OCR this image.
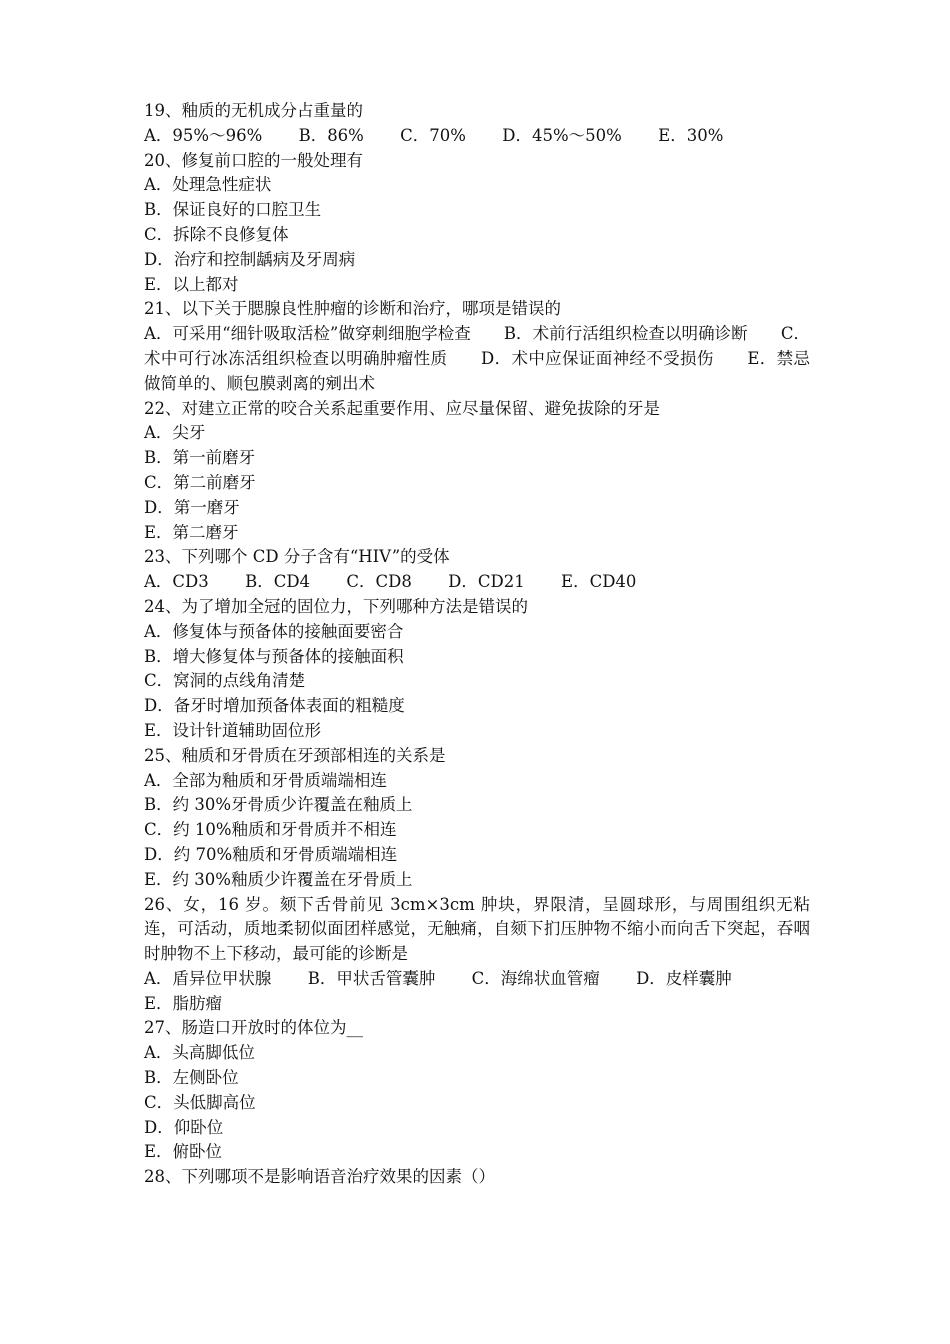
19、釉质的无机成分占重量的
A．95%～96% B．86% C．70% D．45%～50% E．30%
20、修复前口腔的一般处理有
A．处理急性症状
B．保证良好的口腔卫生
C．拆除不良修复体
D．治疗和控制龋病及牙周病
E．以上都对
21、以下关于腮腺良性肿瘤的诊断和治疗，哪项是错误的
A．可采用“细针吸取活检”做穿刺细胞学检查　　B．术前行活组织检查以明确诊断　　C．术中可行冰冻活组织检查以明确肿瘤性质　　D．术中应保证面神经不受损伤　　E．禁忌做简单的、顺包膜剥离的剜出术
22、对建立正常的咬合关系起重要作用、应尽量保留、避免拔除的牙是
A．尖牙
B．第一前磨牙
C．第二前磨牙
D．第一磨牙
E．第二磨牙
23、下列哪个 CD 分子含有“HIV”的受体
A．CD3 B．CD4 C．CD8 D．CD21 E．CD40
24、为了增加全冠的固位力，下列哪种方法是错误的
A．修复体与预备体的接触面要密合
B．增大修复体与预备体的接触面积
C．窝洞的点线角清楚
D．备牙时增加预备体表面的粗糙度
E．设计针道辅助固位形
25、釉质和牙骨质在牙颈部相连的关系是
A．全部为釉质和牙骨质端端相连
B．约 30%牙骨质少许覆盖在釉质上
C．约 10%釉质和牙骨质并不相连
D．约 70%釉质和牙骨质端端相连
E．约 30%釉质少许覆盖在牙骨质上
26、女，16 岁。颏下舌骨前见 3cm×3cm 肿块，界限清，呈圆球形，与周围组织无粘连，可活动，质地柔韧似面团样感觉，无触痛，自颏下扪压肿物不缩小而向舌下突起，吞咽时肿物不上下移动，最可能的诊断是
A．盾异位甲状腺 B．甲状舌管囊肿 C．海绵状血管瘤 D．皮样囊肿
E．脂肪瘤
27、肠造口开放时的体位为__
A．头高脚低位
B．左侧卧位
C．头低脚高位
D．仰卧位
E．俯卧位
28、下列哪项不是影响语音治疗效果的因素（）
